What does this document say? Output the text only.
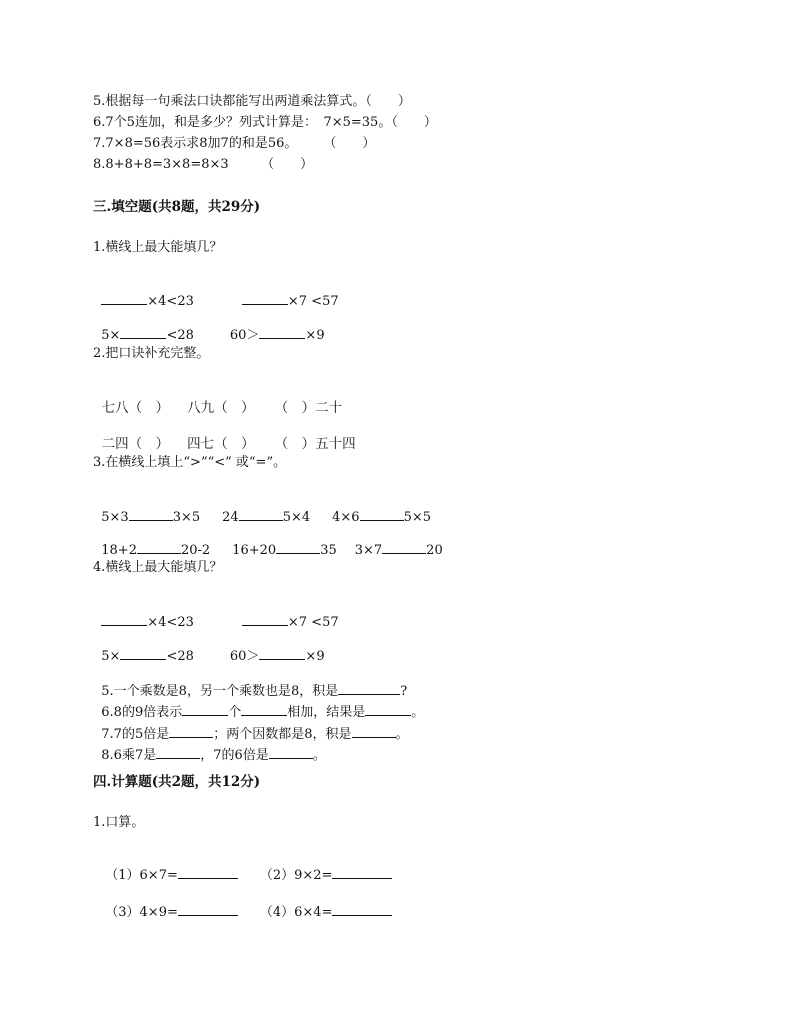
5.根据每一句乘法口诀都能写出两道乘法算式。（　　）
6.7个5连加，和是多少？列式计算是：　7×5=35。（　　）
7.7×8=56表示求8加7的和是56。　　　（　　）
8.8+8+8=3×8=8×3　　　（　　）
三.填空题(共8题，共29分)
1.横线上最大能填几？

×4<23	×7 <57

5×	<28	60＞	×9

2.把口诀补充完整。

七八（　） 八九（　） （　）二十

二四（　） 四七（　） （　）五十四

3.在横线上填上“>”“<” 或“=”。

5×3	3×5 24	5×4 4×6	5×5

18+2	20-2 16+20	35 3×7	20

4.横线上最大能填几？

×4<23	×7 <57

5×	<28	60＞	×9

5.一个乘数是8，另一个乘数也是8，积是	?

6.8的9倍表示	个	相加，结果是	。

7.7的5倍是	；两个因数都是8，积是	。

8.6乘7是	，7的6倍是	。

四.计算题(共2题，共12分)
1.口算。

（1）6×7=	（2）9×2=

（3）4×9=	（4）6×4=
